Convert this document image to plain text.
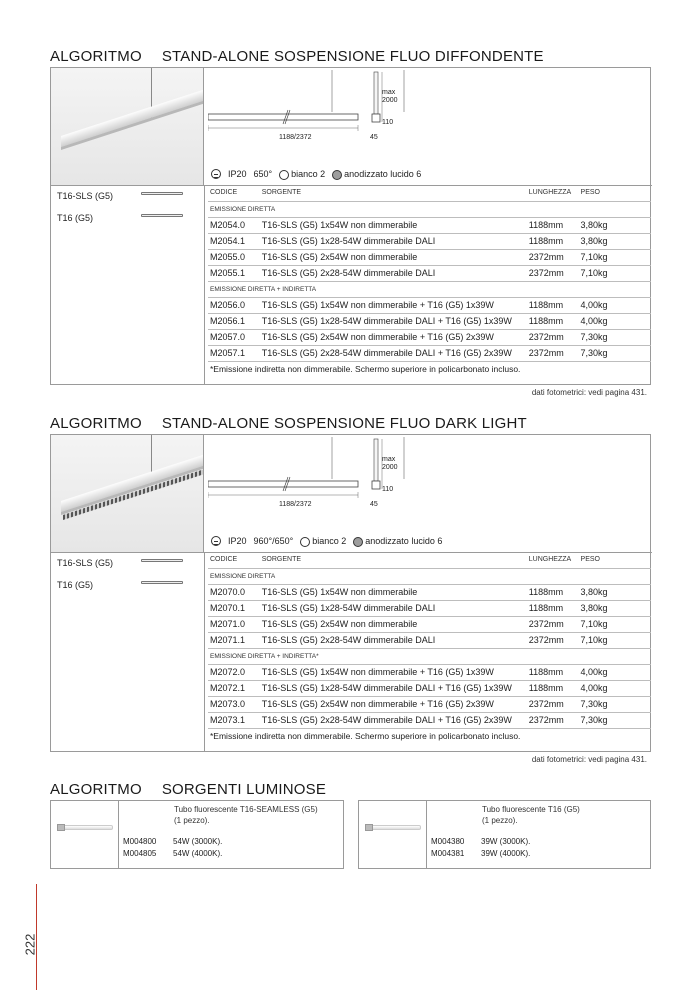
ALGORITMO STAND-ALONE SOSPENSIONE FLUO DIFFONDENTE
max
2000
110
1188/2372	45
IP20 650°	bianco 2	anodizzato lucido 6
T16-SLS (G5)
T16 (G5)
CODICE	SORGENTE	LUNGHEZZA	PESO
EMISSIONE DIRETTA			
M2054.0	T16-SLS (G5) 1x54W non dimmerabile	1188mm	3,80kg
M2054.1	T16-SLS (G5) 1x28-54W dimmerabile DALI	1188mm	3,80kg
M2055.0	T16-SLS (G5) 2x54W non dimmerabile	2372mm	7,10kg
M2055.1	T16-SLS (G5) 2x28-54W dimmerabile DALI	2372mm	7,10kg
EMISSIONE DIRETTA + INDIRETTA			
M2056.0	T16-SLS (G5) 1x54W non dimmerabile + T16 (G5) 1x39W	1188mm	4,00kg
M2056.1	T16-SLS (G5) 1x28-54W dimmerabile DALI + T16 (G5) 1x39W	1188mm	4,00kg
M2057.0	T16-SLS (G5) 2x54W non dimmerabile + T16 (G5) 2x39W	2372mm	7,30kg
M2057.1	T16-SLS (G5) 2x28-54W dimmerabile DALI + T16 (G5) 2x39W	2372mm	7,30kg
*Emissione indiretta non dimmerabile. Schermo superiore in policarbonato incluso.			
dati fotometrici: vedi pagina 431.
ALGORITMO STAND-ALONE SOSPENSIONE FLUO DARK LIGHT
max
2000
110
1188/2372	45
IP20 960°/650°	bianco 2	anodizzato lucido 6
T16-SLS (G5)
T16 (G5)
CODICE	SORGENTE	LUNGHEZZA	PESO
EMISSIONE DIRETTA			
M2070.0	T16-SLS (G5) 1x54W non dimmerabile	1188mm	3,80kg
M2070.1	T16-SLS (G5) 1x28-54W dimmerabile DALI	1188mm	3,80kg
M2071.0	T16-SLS (G5) 2x54W non dimmerabile	2372mm	7,10kg
M2071.1	T16-SLS (G5) 2x28-54W dimmerabile DALI	2372mm	7,10kg
EMISSIONE DIRETTA + INDIRETTA*			
M2072.0	T16-SLS (G5) 1x54W non dimmerabile + T16 (G5) 1x39W	1188mm	4,00kg
M2072.1	T16-SLS (G5) 1x28-54W dimmerabile DALI + T16 (G5) 1x39W	1188mm	4,00kg
M2073.0	T16-SLS (G5) 2x54W non dimmerabile + T16 (G5) 2x39W	2372mm	7,30kg
M2073.1	T16-SLS (G5) 2x28-54W dimmerabile DALI + T16 (G5) 2x39W	2372mm	7,30kg
*Emissione indiretta non dimmerabile. Schermo superiore in policarbonato incluso.			
dati fotometrici: vedi pagina 431.
ALGORITMO SORGENTI LUMINOSE
Tubo fluorescente T16-SEAMLESS (G5)
(1 pezzo).
M004800 54W (3000K).
M004805 54W (4000K).
Tubo fluorescente T16 (G5)
(1 pezzo).
M004380 39W (3000K).
M004381 39W (4000K).
222
